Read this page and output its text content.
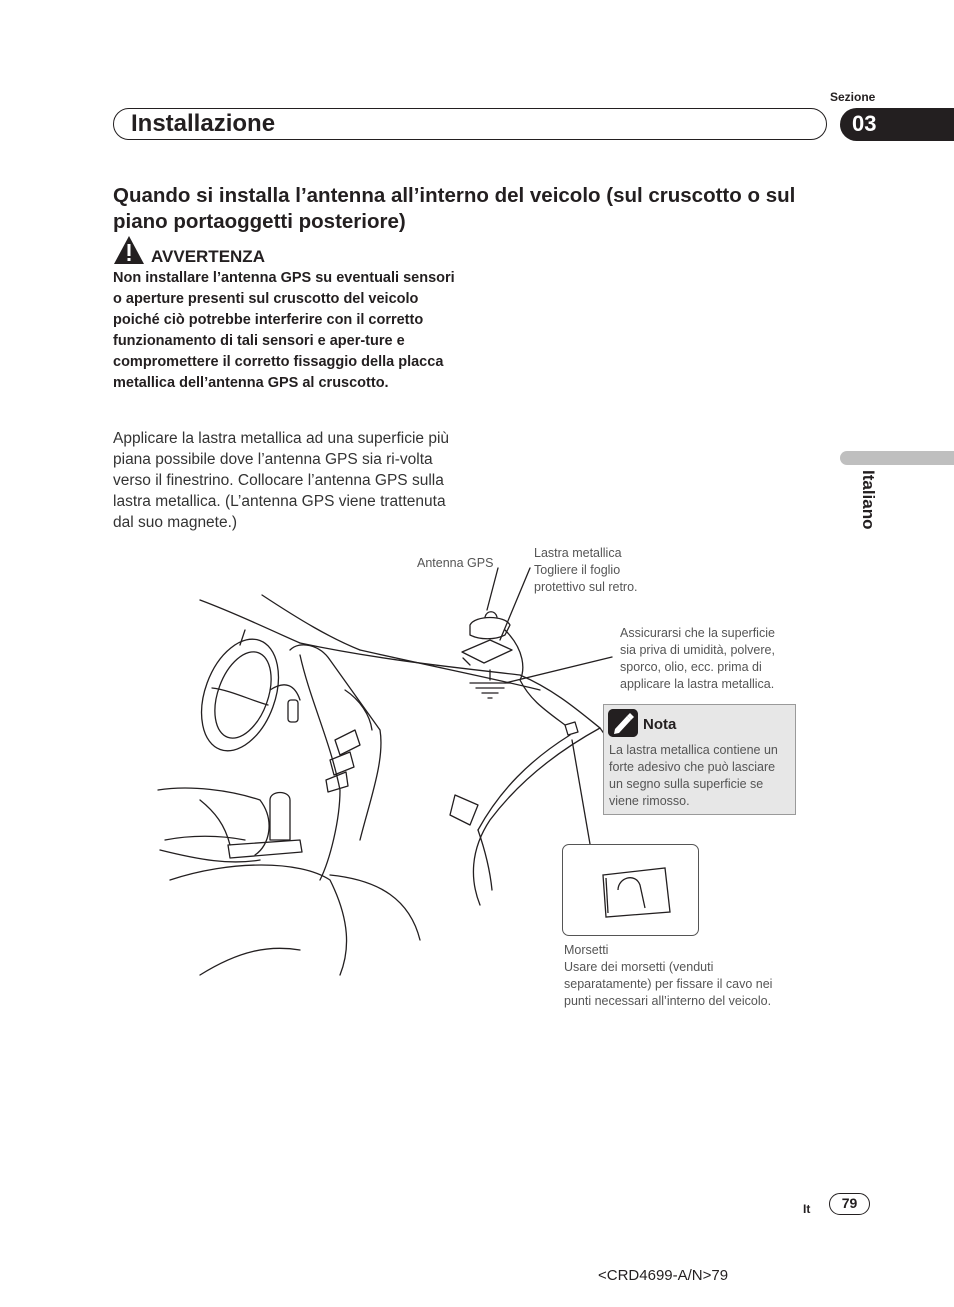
Sezione
Installazione	03
Quando si installa l’antenna all’interno del veicolo (sul cruscotto o sul piano portaoggetti posteriore)
AVVERTENZA
Non installare l’antenna GPS su eventuali sensori o aperture presenti sul cruscotto del veicolo poiché ciò potrebbe interferire con il corretto funzionamento di tali sensori e aper-ture e compromettere il corretto fissaggio della placca metallica dell’antenna GPS al cruscotto.
Applicare la lastra metallica ad una superficie più piana possibile dove l’antenna GPS sia ri-volta verso il finestrino. Collocare l’antenna GPS sulla lastra metallica. (L’antenna GPS viene trattenuta dal suo magnete.)	Italiano
Antenna GPS
Lastra metallica
Togliere il foglio
protettivo sul retro.
Assicurarsi che la superficie
sia priva di umidità, polvere,
sporco, olio, ecc. prima di
applicare la lastra metallica.
Nota
La lastra metallica contiene un forte adesivo che può lasciare un segno sulla superficie se viene rimosso.
Morsetti
Usare dei morsetti (venduti
separatamente) per fissare il cavo nei
punti necessari all’interno del veicolo.
It	79
<CRD4699-A/N>79
